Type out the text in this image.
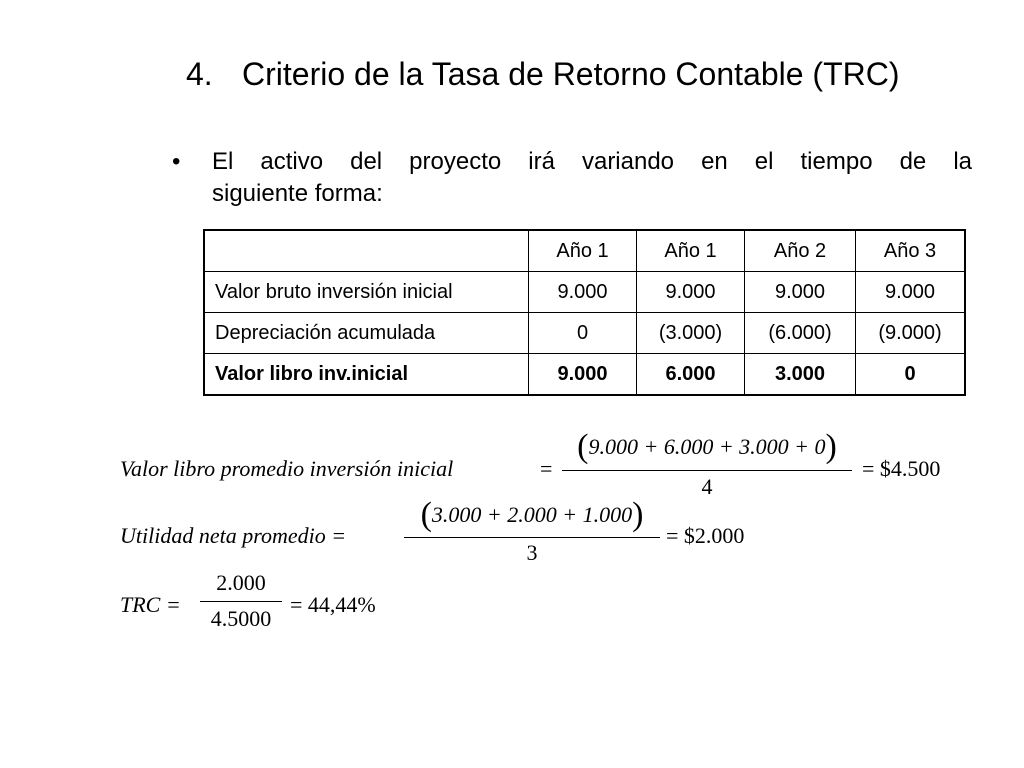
4. Criterio de la Tasa de Retorno Contable (TRC)
• El activo del proyecto irá variando en el tiempo de la
siguiente forma:
	Año 1	Año 1	Año 2	Año 3
Valor bruto inversión inicial	9.000	9.000	9.000	9.000
Depreciación acumulada	0	(3.000)	(6.000)	(9.000)
Valor libro inv.inicial	9.000	6.000	3.000	0
Valor libro promedio inversión inicial	=
(9.000 + 6.000 + 3.000 + 0)
4
= $4.500
Utilidad neta promedio =
(3.000 + 2.000 + 1.000)
3
= $2.000
TRC =
2.000
4.5000
= 44,44%
